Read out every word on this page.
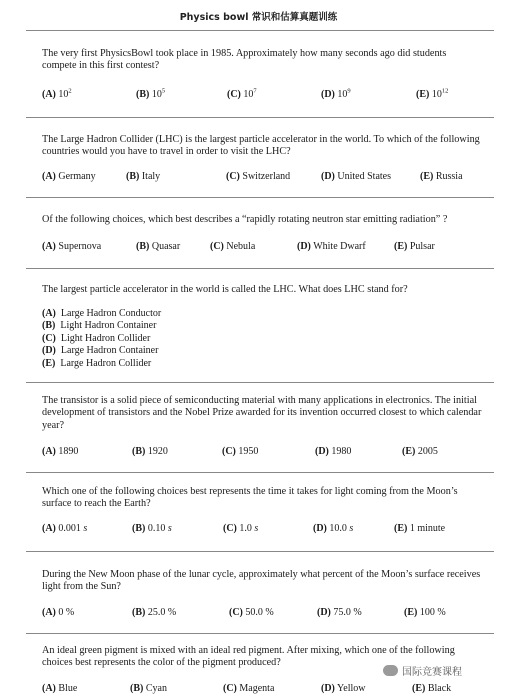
Physics bowl 常识和估算真题训练

The very first PhysicsBowl took place in 1985. Approximately how many seconds ago did students compete in this first contest?

(A) $10^2$	(B) $10^5$	(C) $10^7$	(D) $10^9$	(E) $10^{12}$

The Large Hadron Collider (LHC) is the largest particle accelerator in the world. To which of the following countries would you have to travel in order to visit the LHC?

(A) Germany	(B) Italy	(C) Switzerland	(D) United States	(E) Russia

Of the following choices, which best describes a “rapidly rotating neutron star emitting radiation” ?

(A) Supernova	(B) Quasar	(C) Nebula	(D) White Dwarf	(E) Pulsar

The largest particle accelerator in the world is called the LHC. What does LHC stand for?

(A) Large Hadron Conductor
(B) Light Hadron Container
(C) Light Hadron Collider
(D) Large Hadron Container
(E) Large Hadron Collider

The transistor is a solid piece of semiconducting material with many applications in electronics. The initial development of transistors and the Nobel Prize awarded for its invention occurred closest to which calendar year?

(A) 1890	(B) 1920	(C) 1950	(D) 1980	(E) 2005

Which one of the following choices best represents the time it takes for light coming from the Moon’s surface to reach the Earth?

(A) 0.001 s	(B) 0.10 s	(C) 1.0 s	(D) 10.0 s	(E) 1 minute

During the New Moon phase of the lunar cycle, approximately what percent of the Moon’s surface receives light from the Sun?

(A) 0 %	(B) 25.0 %	(C) 50.0 %	(D) 75.0 %	(E) 100 %

An ideal green pigment is mixed with an ideal red pigment. After mixing, which one of the following choices best represents the color of the pigment produced?

(A) Blue	(B) Cyan	(C) Magenta	(D) Yellow	(E) Black
国际竞赛课程
